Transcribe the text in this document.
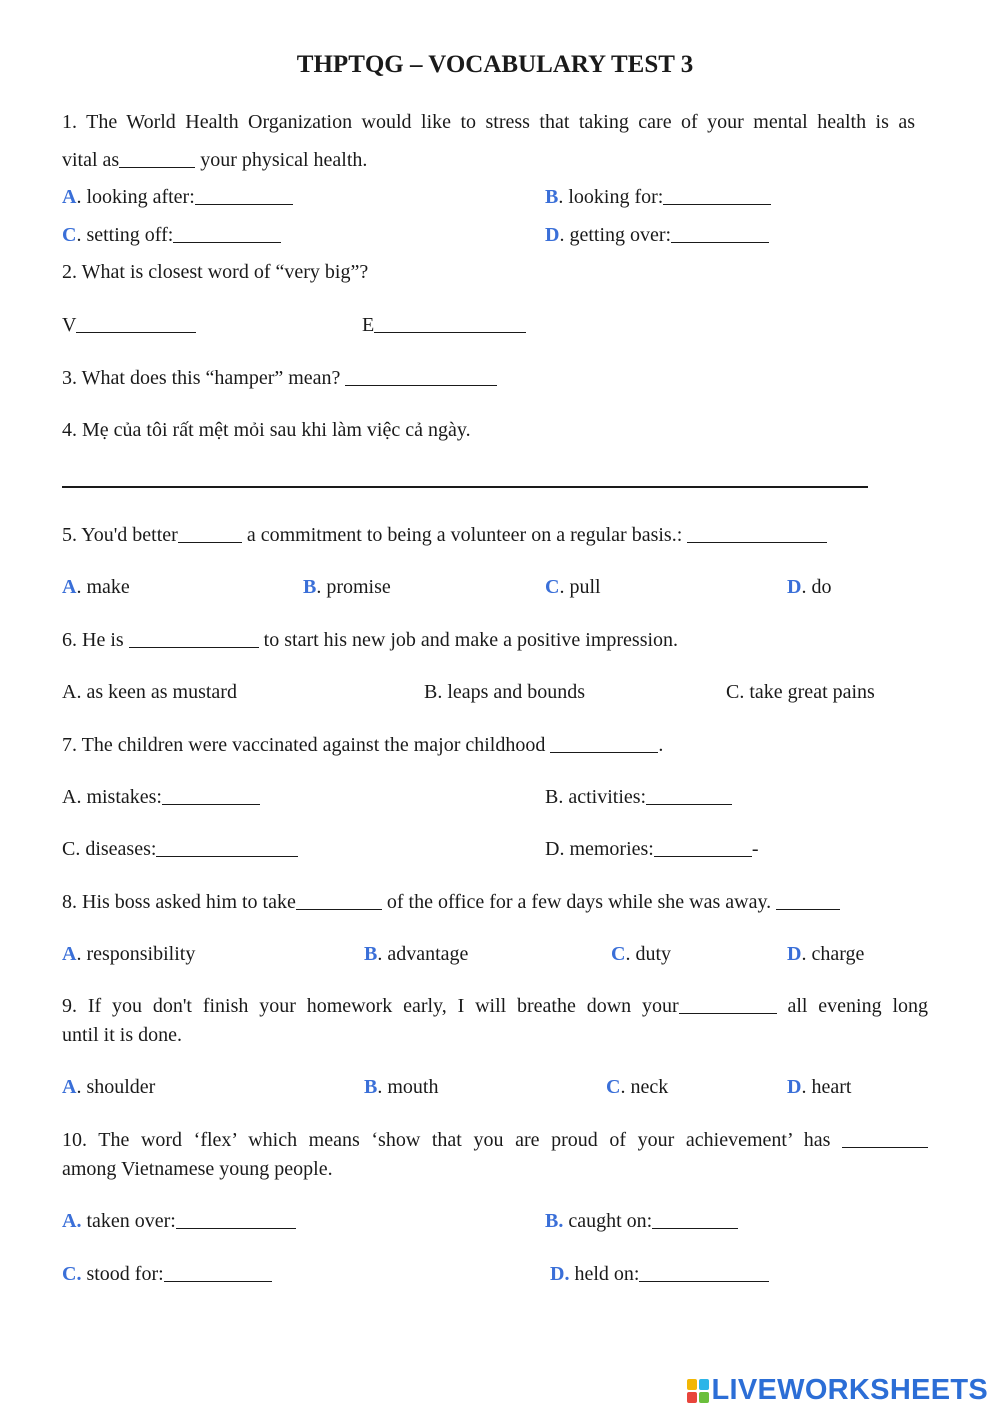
THPTQG – VOCABULARY TEST 3
1. The World Health Organization would like to stress that taking care of your mental health is as
vital as	your physical health.
A. looking after:	B. looking for:
C. setting off:	D. getting over:
2. What is closest word of “very big”?
V	E
3. What does this “hamper” mean?
4. Mẹ của tôi rất mệt mỏi sau khi làm việc cả ngày.
5. You'd better	a commitment to being a volunteer on a regular basis.:
A. make	B. promise	C. pull	D. do
6. He is	to start his new job and make a positive impression.
A. as keen as mustard	B. leaps and bounds	C. take great pains
7. The children were vaccinated against the major childhood	.
A. mistakes:	B. activities:
C. diseases:	D. memories:	-
8. His boss asked him to take	of the office for a few days while she was away.
A. responsibility	B. advantage	C. duty	D. charge
9. If you don't finish your homework early, I will breathe down your	all evening long
until it is done.
A. shoulder	B. mouth	C. neck	D. heart
10. The word ‘flex’ which means ‘show that you are proud of your achievement’ has
among Vietnamese young people.
A. taken over:	B. caught on:
C. stood for:	D. held on:
LIVEWORKSHEETS
